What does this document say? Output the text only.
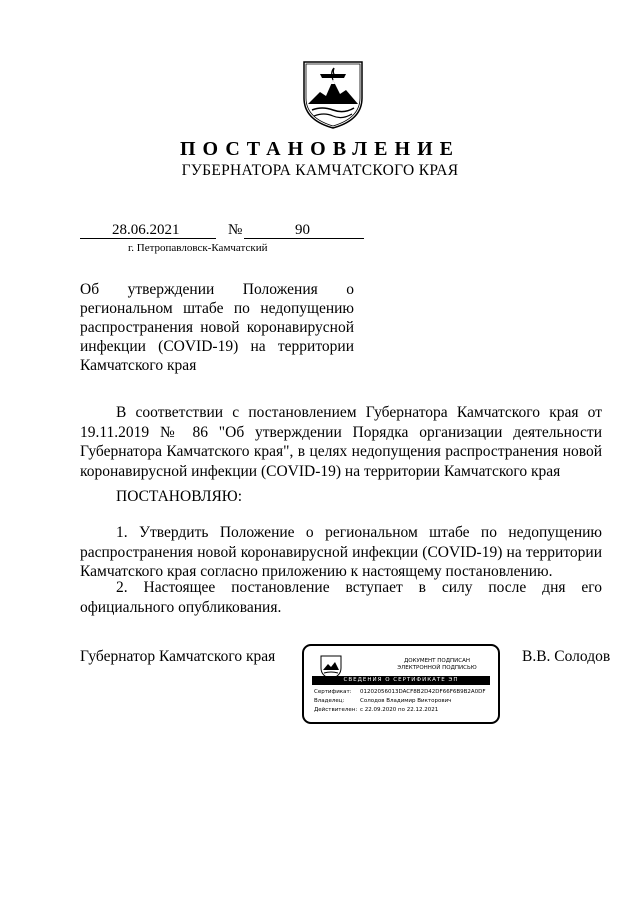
ПОСТАНОВЛЕНИЕ
ГУБЕРНАТОРА КАМЧАТСКОГО КРАЯ
28.06.2021	№	90
г. Петропавловск-Камчатский
Об утверждении Положения о региональном штабе по недопущению распространения новой коронавирусной инфекции (COVID-19) на территории
Камчатского края
В соответствии с постановлением Губернатора Камчатского края от 19.11.2019 № 86 "Об утверждении Порядка организации деятельности Губернатора Камчатского края", в целях недопущения распространения новой коронавирусной инфекции (COVID-19) на территории Камчатского края
ПОСТАНОВЛЯЮ:
1. Утвердить Положение о региональном штабе по недопущению распространения новой коронавирусной инфекции (COVID-19) на территории Камчатского края согласно приложению к настоящему постановлению.
2. Настоящее постановление вступает в силу после дня его официального опубликования.
Губернатор Камчатского края	В.В. Солодов
ДОКУМЕНТ ПОДПИСАН
ЭЛЕКТРОННОЙ ПОДПИСЬЮ
СВЕДЕНИЯ О СЕРТИФИКАТЕ ЭП
Сертификат: 01202056013DACF8B2D42DF66F6B9B2A0DF
Владелец:	Солодов Владимир Викторович
Действителен: с 22.09.2020 по 22.12.2021
